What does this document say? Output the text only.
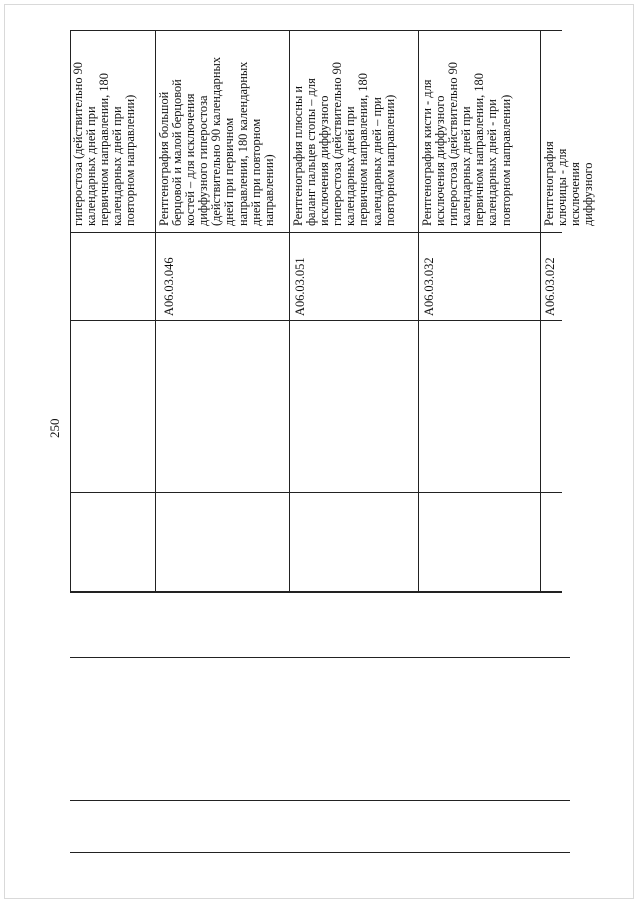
250
гиперостоза (действительно 90
календарных дней при
первичном направлении, 180
календарных дней при
повторном направлении)
A06.03.046
Рентгенография большой
берцовой и малой берцовой
костей – для исключения
диффузного гиперостоза
(действительно 90 календарных
дней при первичном
направлении, 180 календарных
дней при повторном
направлении)
A06.03.051
Рентгенография плюсны и
фаланг пальцев стопы – для
исключения диффузного
гиперостоза (действительно 90
календарных дней при
первичном направлении, 180
календарных дней – при
повторном направлении)
A06.03.032
Рентгенография кисти - для
исключения диффузного
гиперостоза (действительно 90
календарных дней при
первичном направлении, 180
календарных дней - при
повторном направлении)
A06.03.022
Рентгенография ключицы - для
исключения диффузного
